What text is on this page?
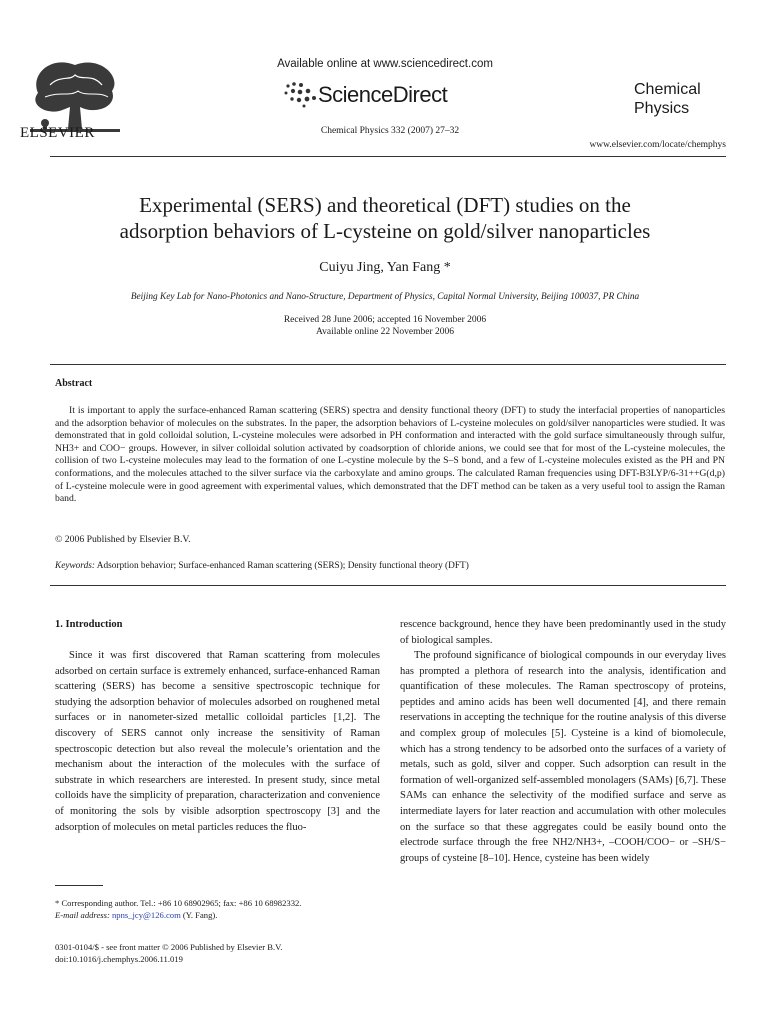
ELSEVIER
Available online at www.sciencedirect.com
ScienceDirect
Chemical Physics 332 (2007) 27–32
Chemical
Physics
www.elsevier.com/locate/chemphys
Experimental (SERS) and theoretical (DFT) studies on the
adsorption behaviors of L-cysteine on gold/silver nanoparticles
Cuiyu Jing, Yan Fang *
Beijing Key Lab for Nano-Photonics and Nano-Structure, Department of Physics, Capital Normal University, Beijing 100037, PR China
Received 28 June 2006; accepted 16 November 2006
Available online 22 November 2006
Abstract

It is important to apply the surface-enhanced Raman scattering (SERS) spectra and density functional theory (DFT) to study the interfacial properties of nanoparticles and the adsorption behavior of molecules on the substrates. In the paper, the adsorption behaviors of L-cysteine molecules on gold/silver nanoparticles were studied. It was demonstrated that in gold colloidal solution, L-cysteine molecules were adsorbed in PH conformation and interacted with the gold surface simultaneously through sulfur, NH3+ and COO− groups. However, in silver colloidal solution activated by coadsorption of chloride anions, we could see that for most of the L-cysteine molecules, the collision of two L-cysteine molecules may lead to the formation of one L-cystine molecule by the S–S bond, and a few of L-cysteine molecules existed as the PH and PN conformations, and the molecules attached to the silver surface via the carboxylate and amino groups. The calculated Raman frequencies using DFT-B3LYP/6-31++G(d,p) of L-cysteine molecule were in good agreement with experimental values, which demonstrated that the DFT method can be taken as a very useful tool to assign the Raman band.

© 2006 Published by Elsevier B.V.
Keywords: Adsorption behavior; Surface-enhanced Raman scattering (SERS); Density functional theory (DFT)
1. Introduction

Since it was first discovered that Raman scattering from molecules adsorbed on certain surface is extremely enhanced, surface-enhanced Raman scattering (SERS) has become a sensitive spectroscopic technique for studying the adsorption behavior of molecules adsorbed on roughened metal surfaces or in nanometer-sized metallic colloidal particles [1,2]. The discovery of SERS cannot only increase the sensitivity of Raman spectroscopic detection but also reveal the molecule’s orientation and the mechanism about the interaction of the molecules with the surface of substrate in which researchers are interested. In present study, since metal colloids have the simplicity of preparation, characterization and convenience of monitoring the sols by visible adsorption spectroscopy [3] and the adsorption of molecules on metal particles reduces the fluo-

rescence background, hence they have been predominantly used in the study of biological samples.

The profound significance of biological compounds in our everyday lives has prompted a plethora of research into the analysis, identification and quantification of these molecules. The Raman spectroscopy of proteins, peptides and amino acids has been well documented [4], and there remain reservations in accepting the technique for the routine analysis of this diverse and complex group of molecules [5]. Cysteine is a kind of biomolecule, which has a strong tendency to be adsorbed onto the surfaces of a variety of metals, such as gold, silver and copper. Such adsorption can result in the formation of well-organized self-assembled monolagers (SAMs) [6,7]. These SAMs can enhance the selectivity of the modified surface and serve as intermediate layers for later reaction and accumulation with other molecules on the surface so that these aggregates could be easily bound onto the electrode surface through the free NH2/NH3+, –COOH/COO− or –SH/S− groups of cysteine [8–10]. Hence, cysteine has been widely

* Corresponding author. Tel.: +86 10 68902965; fax: +86 10 68982332.
E-mail address: npns_jcy@126.com (Y. Fang).
0301-0104/$ - see front matter © 2006 Published by Elsevier B.V.
doi:10.1016/j.chemphys.2006.11.019
